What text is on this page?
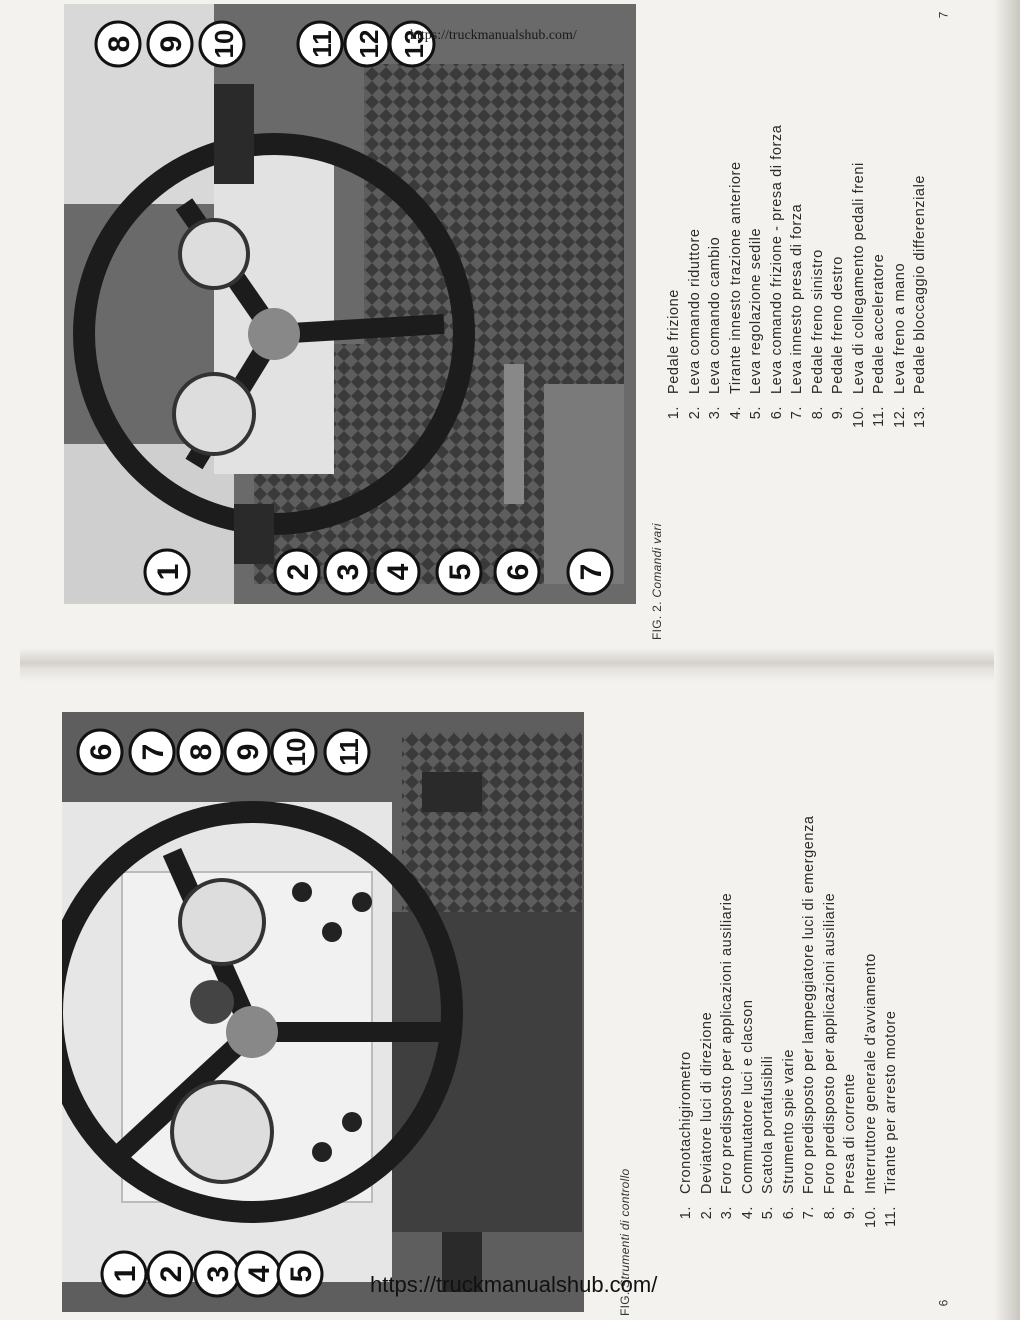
8 9 10	11 12 13
1	2 3 4 5 6 7
6 7 8 9 10 11
1 2 3 4 5
FIG. 2. Comandi vari
1.
Pedale frizione
2.
Leva comando riduttore
3.
Leva comando cambio
4.
Tirante innesto trazione anteriore
5.
Leva regolazione sedile
6.
Leva comando frizione - presa di forza
7.
Leva innesto presa di forza
8.
Pedale freno sinistro
9.
Pedale freno destro
10.
Leva di collegamento pedali freni
11.
Pedale acceleratore
12.
Leva freno a mano
13.
Pedale bloccaggio differenziale
FIG. Strumenti di controllo	1.
Cronotachigirometro
2.
Deviatore luci di direzione
3.
Foro predisposto per applicazioni ausiliarie
4.
Commutatore luci e clacson
5.
Scatola portafusibili
6.
Strumento spie varie
7.
Foro predisposto per lampeggiatore luci di emergenza
8.
Foro predisposto per applicazioni ausiliarie
9.
Presa di corrente
10.
Interruttore generale d'avviamento
11.
Tirante per arresto motore
7
6
https://truckmanualshub.com/
https://truckmanualshub.com/
